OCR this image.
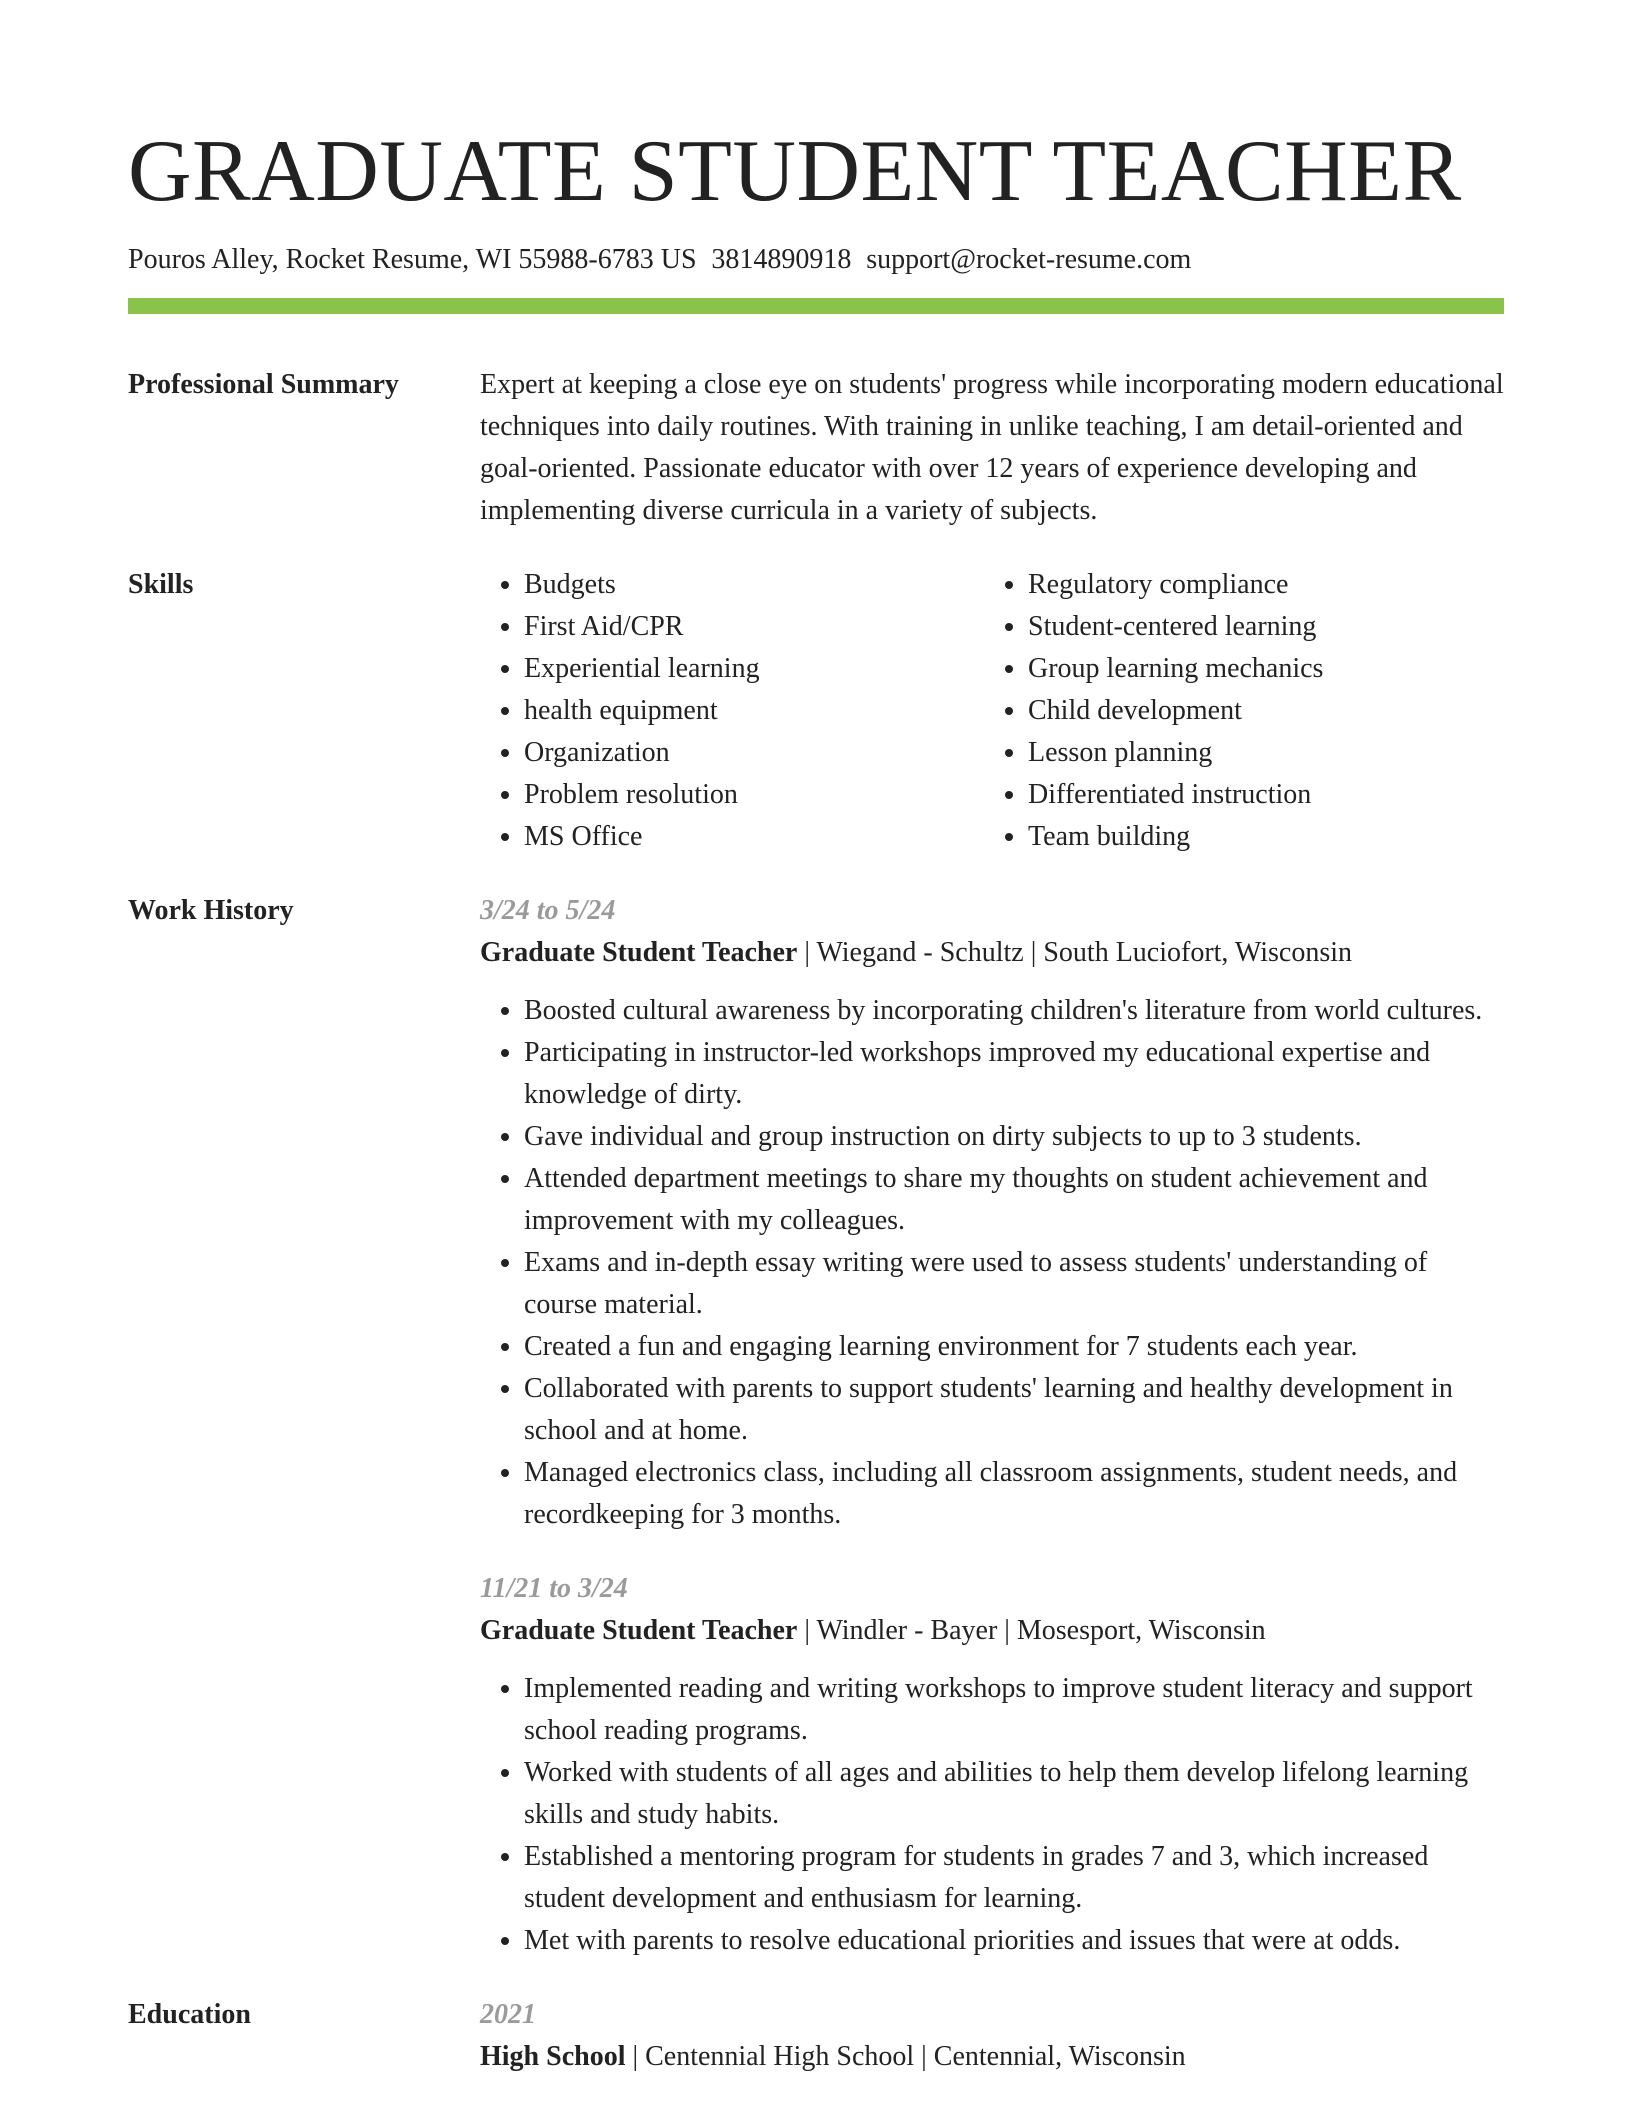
GRADUATE STUDENT TEACHER
Pouros Alley, Rocket Resume, WI 55988-6783 US 3814890918 support@rocket-resume.com
Professional Summary	Expert at keeping a close eye on students' progress while incorporating modern educational techniques into daily routines. With training in unlike teaching, I am detail-oriented and goal-oriented. Passionate educator with over 12 years of experience developing and implementing diverse curricula in a variety of subjects.

Skills
•	Budgets
• First Aid/CPR
• Experiential learning
• health equipment
• Organization
• Problem resolution
• MS Office
• Regulatory compliance
• Student-centered learning
• Group learning mechanics
• Child development
• Lesson planning
• Differentiated instruction
• Team building
Work History	3/24 to 5/24
Graduate Student Teacher | Wiegand - Schultz | South Luciofort, Wisconsin
• Boosted cultural awareness by incorporating children's literature from world cultures.
• Participating in instructor-led workshops improved my educational expertise and knowledge of dirty.
• Gave individual and group instruction on dirty subjects to up to 3 students.
• Attended department meetings to share my thoughts on student achievement and improvement with my colleagues.
• Exams and in-depth essay writing were used to assess students' understanding of course material.
• Created a fun and engaging learning environment for 7 students each year.
• Collaborated with parents to support students' learning and healthy development in school and at home.
• Managed electronics class, including all classroom assignments, student needs, and recordkeeping for 3 months.
11/21 to 3/24
Graduate Student Teacher | Windler - Bayer | Mosesport, Wisconsin
• Implemented reading and writing workshops to improve student literacy and support school reading programs.
• Worked with students of all ages and abilities to help them develop lifelong learning skills and study habits.
• Established a mentoring program for students in grades 7 and 3, which increased student development and enthusiasm for learning.
• Met with parents to resolve educational priorities and issues that were at odds.
Education	2021
High School | Centennial High School | Centennial, Wisconsin
